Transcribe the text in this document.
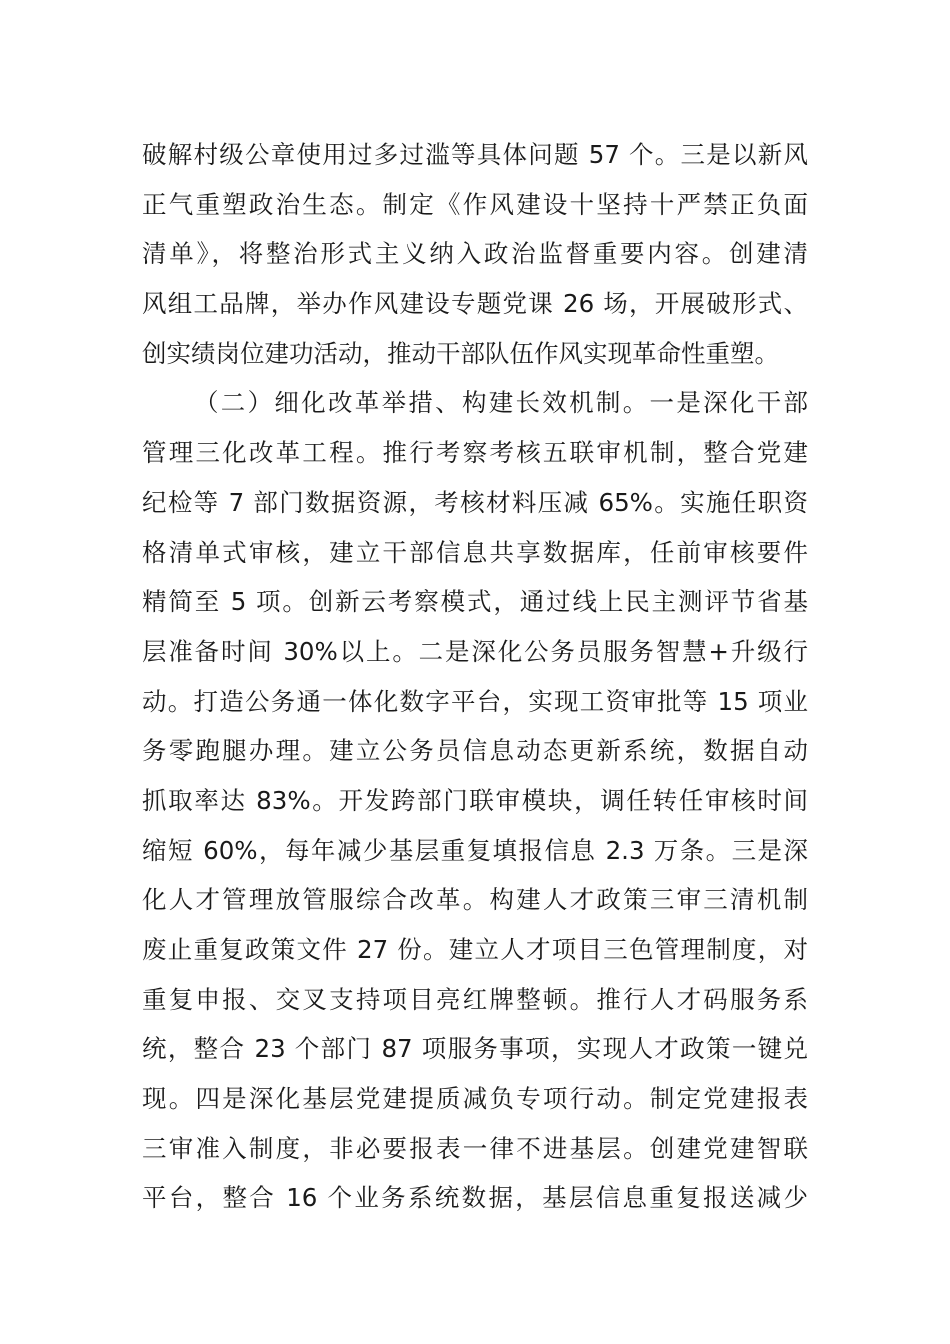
破解村级公章使用过多过滥等具体问题 57 个。三是以新风
正气重塑政治生态。制定《作风建设十坚持十严禁正负面
清单》，将整治形式主义纳入政治监督重要内容。创建清
风组工品牌，举办作风建设专题党课 26 场，开展破形式、
创实绩岗位建功活动，推动干部队伍作风实现革命性重塑。
（二）细化改革举措、构建长效机制。一是深化干部
管理三化改革工程。推行考察考核五联审机制，整合党建
纪检等 7 部门数据资源，考核材料压减 65%。实施任职资
格清单式审核，建立干部信息共享数据库，任前审核要件
精简至 5 项。创新云考察模式，通过线上民主测评节省基
层准备时间 30%以上。二是深化公务员服务智慧+升级行
动。打造公务通一体化数字平台，实现工资审批等 15 项业
务零跑腿办理。建立公务员信息动态更新系统，数据自动
抓取率达 83%。开发跨部门联审模块，调任转任审核时间
缩短 60%，每年减少基层重复填报信息 2.3 万条。三是深
化人才管理放管服综合改革。构建人才政策三审三清机制
废止重复政策文件 27 份。建立人才项目三色管理制度，对
重复申报、交叉支持项目亮红牌整顿。推行人才码服务系
统，整合 23 个部门 87 项服务事项，实现人才政策一键兑
现。四是深化基层党建提质减负专项行动。制定党建报表
三审准入制度，非必要报表一律不进基层。创建党建智联
平台，整合 16 个业务系统数据，基层信息重复报送减少
